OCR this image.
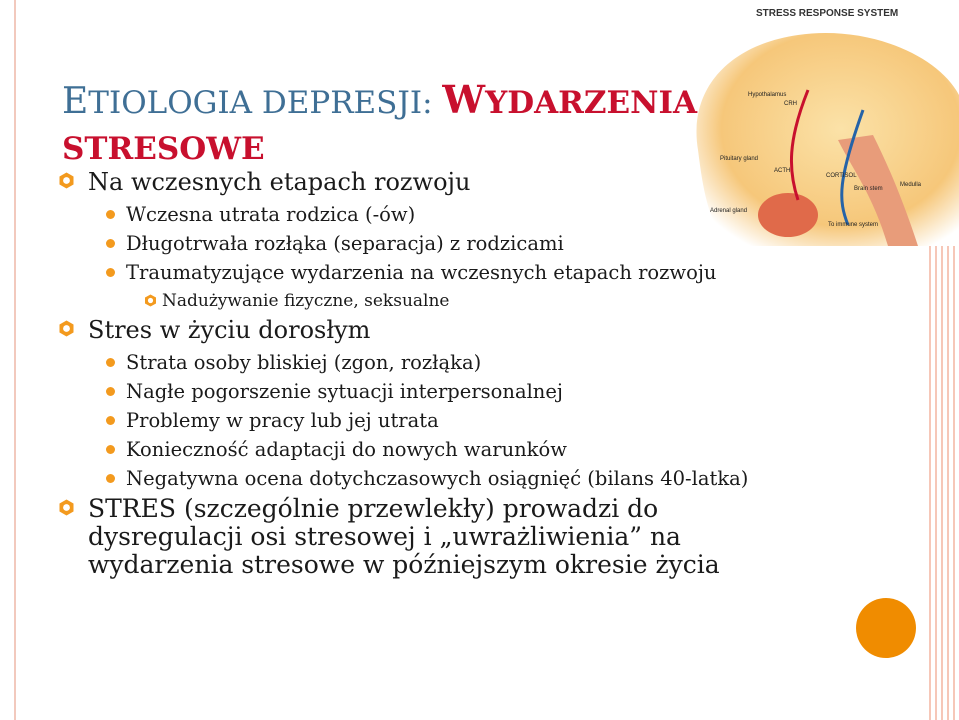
STRESS RESPONSE SYSTEM
Hypothalamus
CRH
Pituitary gland
ACTH
CORTISOL
Brain stem
Medulla
Adrenal gland
To immune system
ETIOLOGIA DEPRESJI: WYDARZENIA STRESOWE
Na wczesnych etapach rozwoju
Wczesna utrata rodzica (-ów)
Długotrwała rozłąka (separacja) z rodzicami
Traumatyzujące wydarzenia na wczesnych etapach rozwoju
Nadużywanie fizyczne, seksualne
Stres w życiu dorosłym
Strata osoby bliskiej (zgon, rozłąka)
Nagłe pogorszenie sytuacji interpersonalnej
Problemy w pracy lub jej utrata
Konieczność adaptacji do nowych warunków
Negatywna ocena dotychczasowych osiągnięć (bilans 40-latka)
STRES (szczególnie przewlekły) prowadzi do dysregulacji osi stresowej i „uwrażliwienia” na wydarzenia stresowe w późniejszym okresie życia
